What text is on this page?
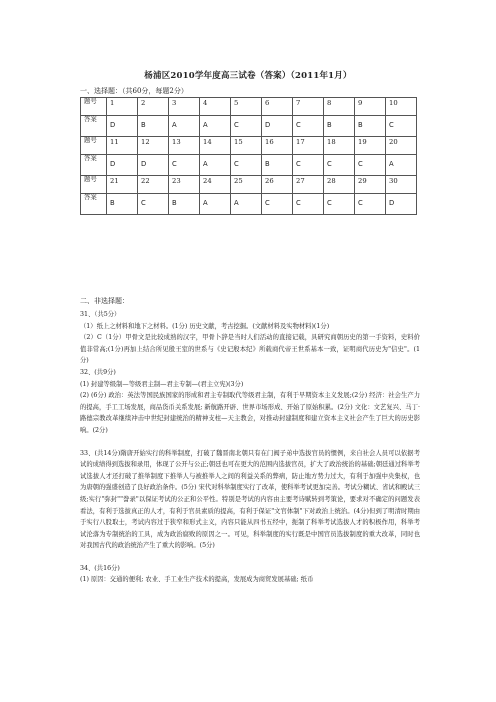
杨浦区2010学年度高三试卷（答案）（2011年1月）
一、选择题：（共60分，每题2分）
题号	1	2	3	4	5	6	7	8	9	10
答案	D	B	A	A	C	D	C	B	B	C
题号	11	12	13	14	15	16	17	18	19	20
答案	D	D	C	A	C	B	C	C	C	A
题号	21	22	23	24	25	26	27	28	29	30
答案	B	C	B	A	A	C	C	C	C	D
二、非选择题：

31、（共5分）

（1）纸上之材料和地下之材料。(1分) 历史文献，考古挖掘。(文献材料及实物材料)(1分)

（2）C（1分）甲骨文是比较成熟的汉字，甲骨卜辞是当时人们活动的直接记载，具研究商朝历史的第一手资料，史料价值非常高;(1分)再加上结合所见殷王室的世系与《史记殷本纪》所载商代帝王世系基本一致，证明商代历史为"信史"。(1分)

32、(共9分)

(1) 封建等级制—等级君主制—君主专制—(君主立宪)(3分)

(2) (6分) 政治：英法等国民族国家的形成和君主专制取代等级君主制，有利于早期资本主义发展;(2分) 经济：社会生产力的提高，手工工场发展，商品货币关系发展; 新航路开辟、世界市场形成、开始了原始积累。(2分) 文化：文艺复兴、马丁·路德宗教改革继续冲击中世纪封建统治的精神支柱—天主教会，对推动封建制度和建立资本主义社会产生了巨大的历史影响。(2分)

33、(共14分)隋唐开始实行的科举制度，打破了魏晋南北朝只有在门阀子弟中选拔官员的惯例，来自社会人员可以依据考试的成绩得到选拔和录用，体现了公开与公正;朝廷也可在更大的范围内选拔官员，扩大了政治统治的基础;朝廷通过科举考试选拔人才还打破了推举制度下推举人与被推举人之间的利益关系的弊病，防止地方势力过大，有利于加强中央集权，也为唐朝的强盛创造了良好政治条件。(5分) 宋代对科举制度实行了改革，使科举考试更加完善。考试分糊试、省试和殿试三级;实行"弥封""誊录"以保证考试的公正和公平性。特别是考试的内容由主要考诗赋转到考策论，要求对不确定的问题发表看法，有利于选拔真正的人才，有利于官员素质的提高，有利于保证"文官体制"下对政治上统治。(4分)但到了明清时期由于实行八股取士，考试内容过于狭窄和形式主义，内容只能从四书五经中，扼制了科举考试选拔人才的积极作用，科举考试沦落为专制统治的工具，成为政治腐败的原因之一。可见，科举制度的实行既是中国官员选拔制度的重大改革，同时也对我国古代的政治统治产生了重大的影响。(5分)

34、(共16分)

(1) 原因：交通的便利; 农业、手工业生产技术的提高，发展成为商贸发展基础; 纸币
